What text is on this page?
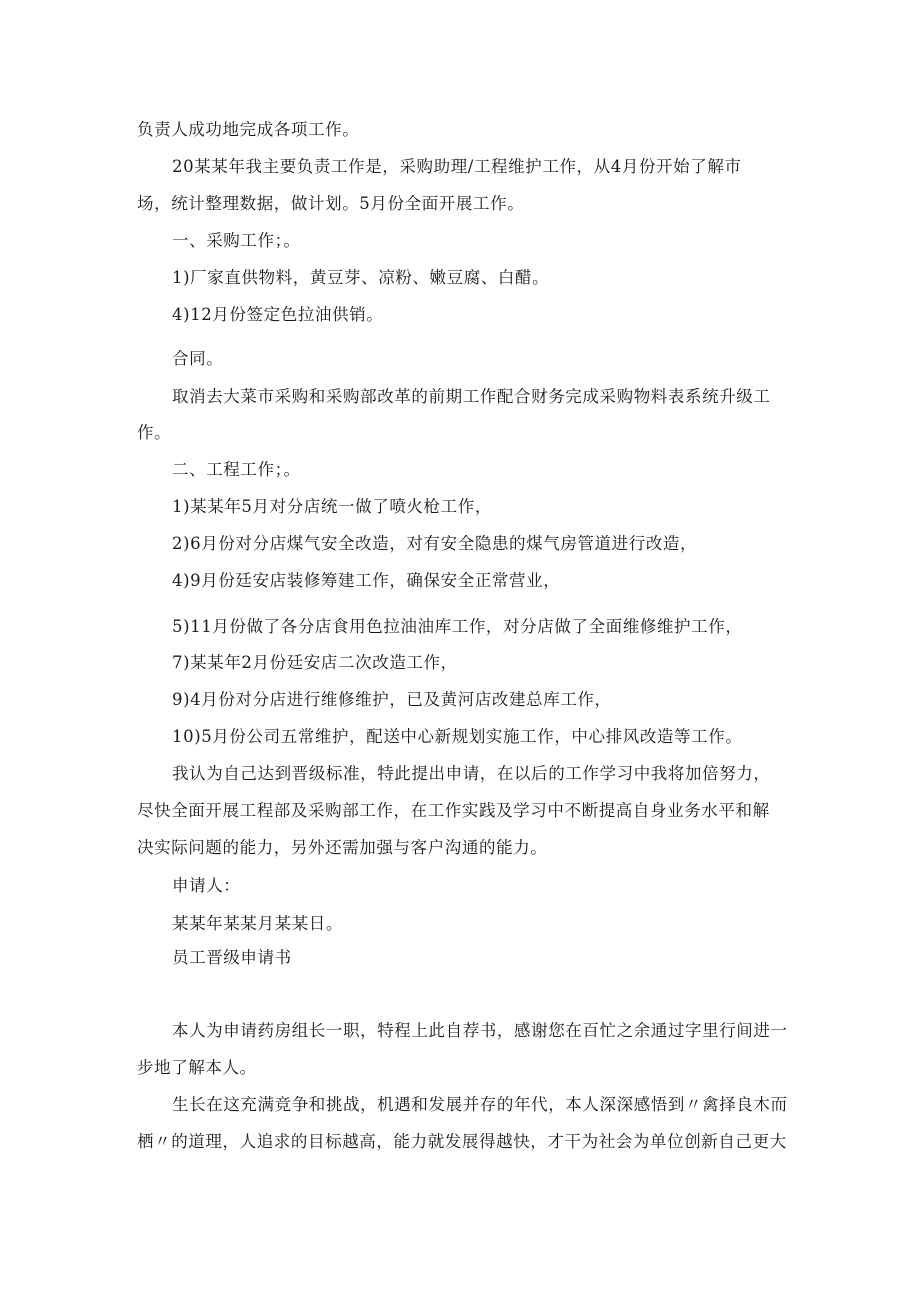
负责人成功地完成各项工作。
20某某年我主要负责工作是，采购助理/工程维护工作，从4月份开始了解市
场，统计整理数据，做计划。5月份全面开展工作。
一、采购工作；。
1)厂家直供物料，黄豆芽、凉粉、嫩豆腐、白醋。
4)12月份签定色拉油供销。
合同。
取消去大菜市采购和采购部改革的前期工作配合财务完成采购物料表系统升级工
作。
二、工程工作；。
1)某某年5月对分店统一做了喷火枪工作，
2)6月份对分店煤气安全改造，对有安全隐患的煤气房管道进行改造，
4)9月份廷安店装修筹建工作，确保安全正常营业，
5)11月份做了各分店食用色拉油油库工作，对分店做了全面维修维护工作，
7)某某年2月份廷安店二次改造工作，
9)4月份对分店进行维修维护，已及黄河店改建总库工作，
10)5月份公司五常维护，配送中心新规划实施工作，中心排风改造等工作。
我认为自己达到晋级标准，特此提出申请，在以后的工作学习中我将加倍努力，
尽快全面开展工程部及采购部工作，在工作实践及学习中不断提高自身业务水平和解
决实际问题的能力，另外还需加强与客户沟通的能力。
申请人：
某某年某某月某某日。
员工晋级申请书
本人为申请药房组长一职，特程上此自荐书，感谢您在百忙之余通过字里行间进一
步地了解本人。
生长在这充满竞争和挑战，机遇和发展并存的年代，本人深深感悟到〃禽择良木而
栖〃的道理，人追求的目标越高，能力就发展得越快，才干为社会为单位创新自己更大
